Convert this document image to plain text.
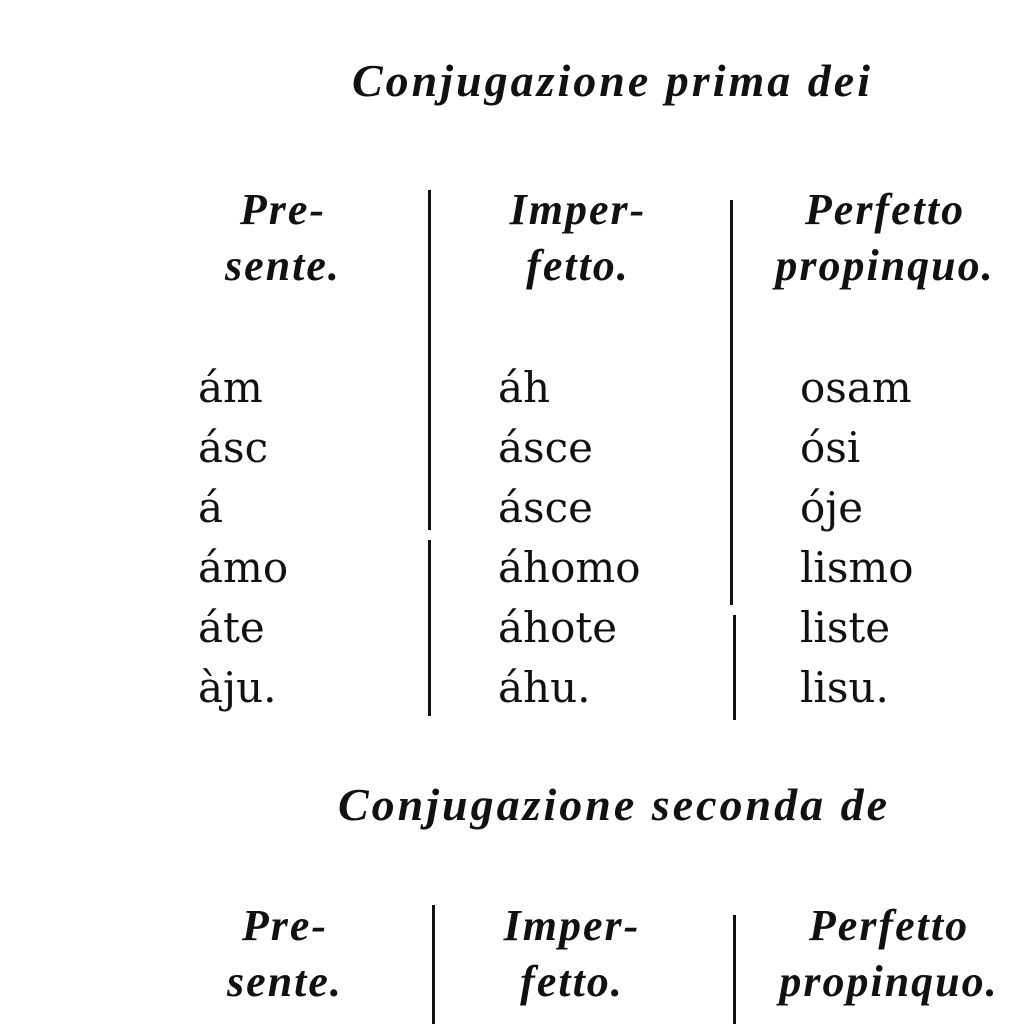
Conjugazione prima dei
Pre-
sente.
Imper-
fetto.
Perfetto
propinquo.
ám
ásc
á
ámo
áte
àju.
áh
ásce
ásce
áhomo
áhote
áhu.
osam
ósi
óje
lismo
liste
lisu.
Conjugazione seconda de
Pre-
sente.
Imper-
fetto.
Perfetto
propinquo.
